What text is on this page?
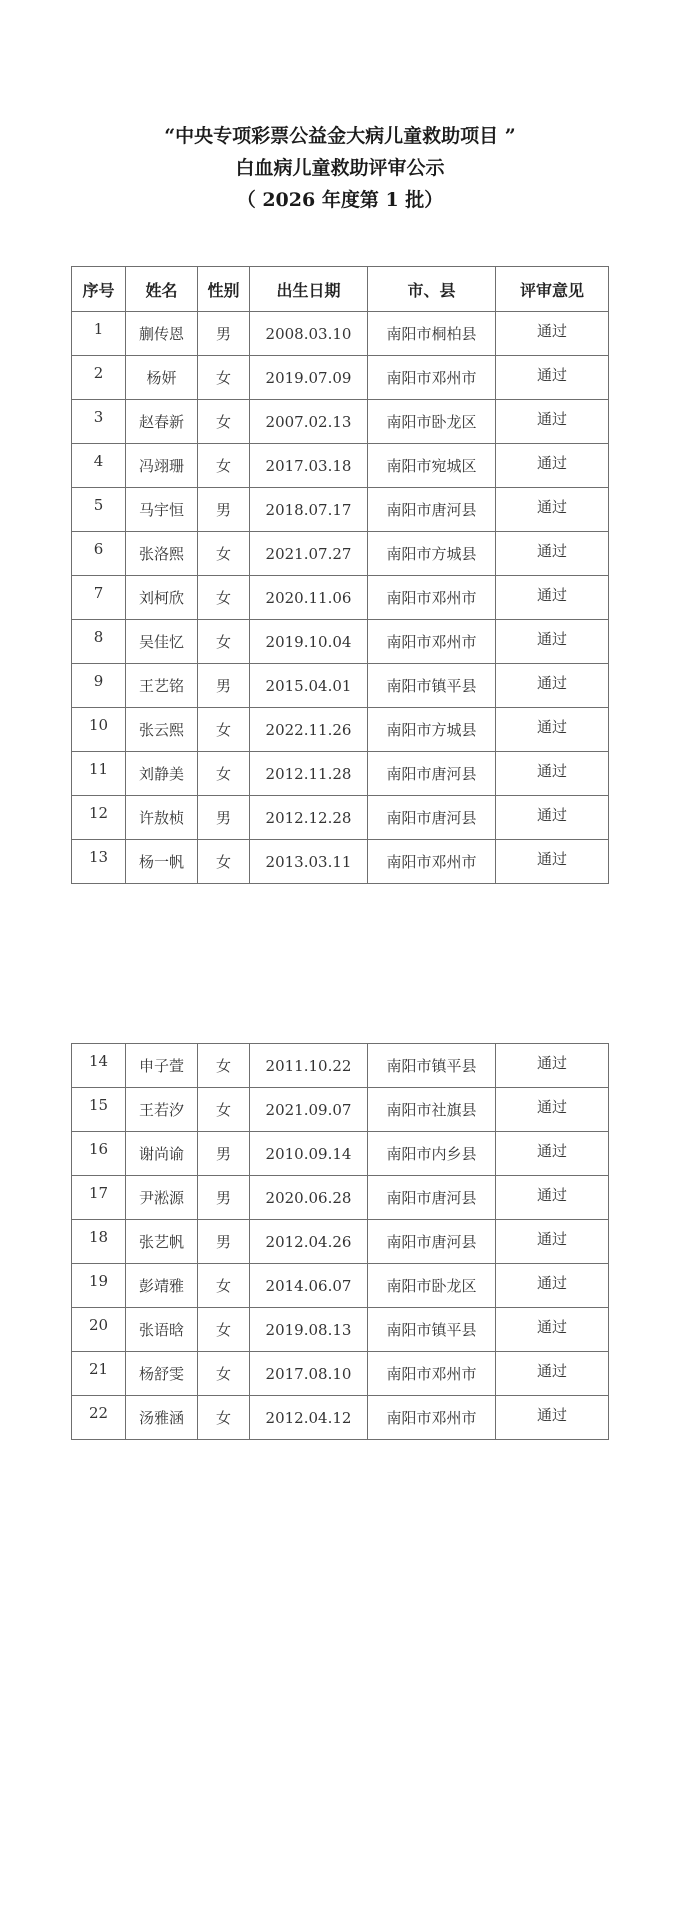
“中央专项彩票公益金大病儿童救助项目 ”
白血病儿童救助评审公示
（ 2026 年度第 1 批）
序号	姓名	性别	出生日期	市、县	评审意见
1	蒯传恩	男	2008.03.10	南阳市桐柏县	通过
2	杨妍	女	2019.07.09	南阳市邓州市	通过
3	赵春新	女	2007.02.13	南阳市卧龙区	通过
4	冯翊珊	女	2017.03.18	南阳市宛城区	通过
5	马宇恒	男	2018.07.17	南阳市唐河县	通过
6	张洛熙	女	2021.07.27	南阳市方城县	通过
7	刘柯欣	女	2020.11.06	南阳市邓州市	通过
8	吴佳忆	女	2019.10.04	南阳市邓州市	通过
9	王艺铭	男	2015.04.01	南阳市镇平县	通过
10	张云熙	女	2022.11.26	南阳市方城县	通过
11	刘静美	女	2012.11.28	南阳市唐河县	通过
12	许敖桢	男	2012.12.28	南阳市唐河县	通过
13	杨一帆	女	2013.03.11	南阳市邓州市	通过
14	申子萱	女	2011.10.22	南阳市镇平县	通过
15	王若汐	女	2021.09.07	南阳市社旗县	通过
16	谢尚谕	男	2010.09.14	南阳市内乡县	通过
17	尹淞源	男	2020.06.28	南阳市唐河县	通过
18	张艺帆	男	2012.04.26	南阳市唐河县	通过
19	彭靖雅	女	2014.06.07	南阳市卧龙区	通过
20	张语晗	女	2019.08.13	南阳市镇平县	通过
21	杨舒雯	女	2017.08.10	南阳市邓州市	通过
22	汤雅涵	女	2012.04.12	南阳市邓州市	通过
